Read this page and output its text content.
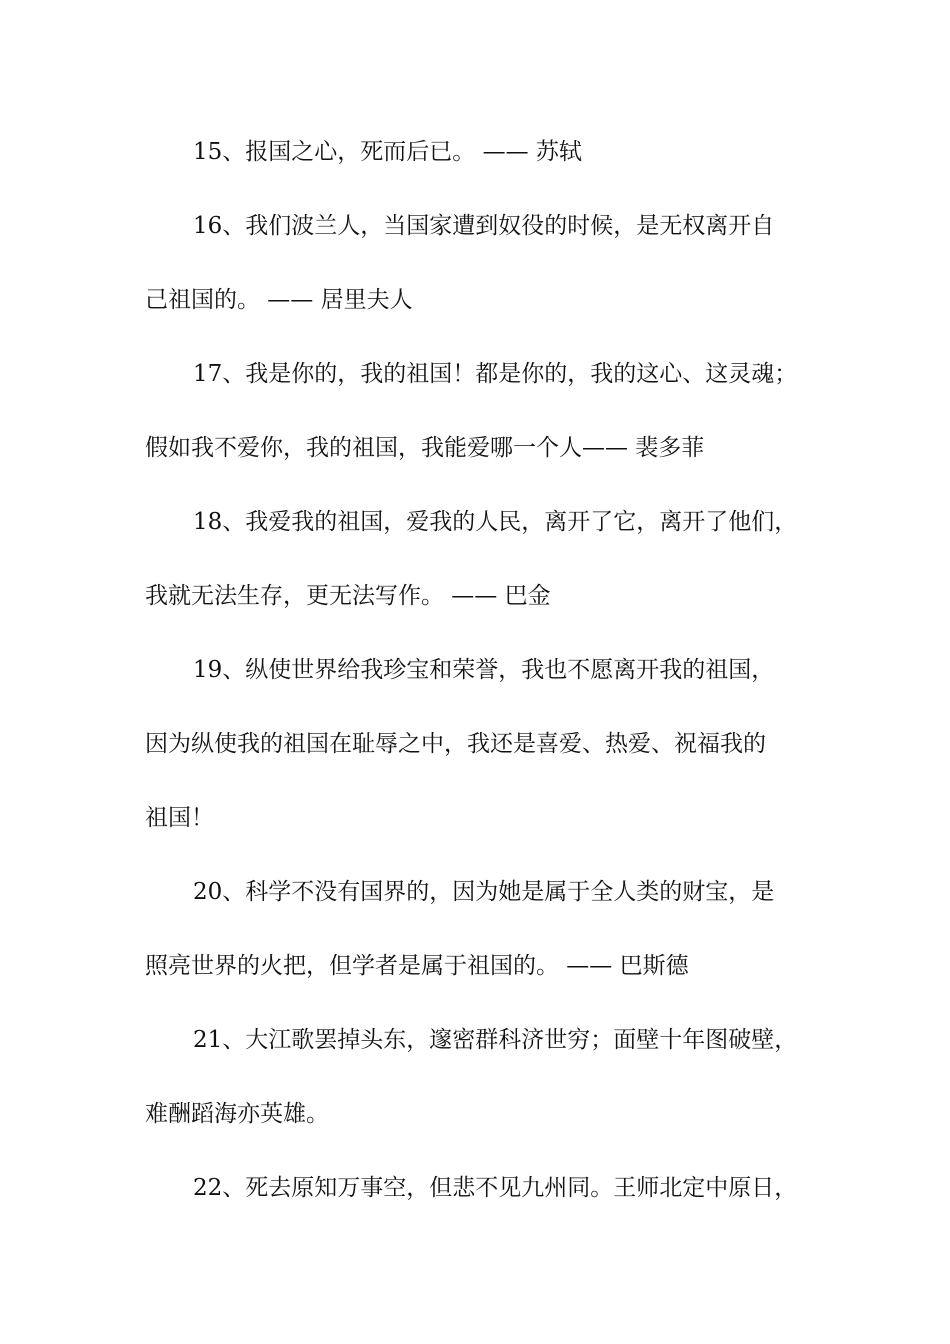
15、报国之心，死而后已。 —— 苏轼
16、我们波兰人，当国家遭到奴役的时候，是无权离开自
己祖国的。 —— 居里夫人
17、我是你的，我的祖国！都是你的，我的这心、这灵魂；
假如我不爱你，我的祖国，我能爱哪一个人—— 裴多菲
18、我爱我的祖国，爱我的人民，离开了它，离开了他们，
我就无法生存，更无法写作。 —— 巴金
19、纵使世界给我珍宝和荣誉，我也不愿离开我的祖国，
因为纵使我的祖国在耻辱之中，我还是喜爱、热爱、祝福我的
祖国！
20、科学不没有国界的，因为她是属于全人类的财宝，是
照亮世界的火把，但学者是属于祖国的。 —— 巴斯德
21、大江歌罢掉头东，邃密群科济世穷；面壁十年图破壁，
难酬蹈海亦英雄。
22、死去原知万事空，但悲不见九州同。王师北定中原日，
